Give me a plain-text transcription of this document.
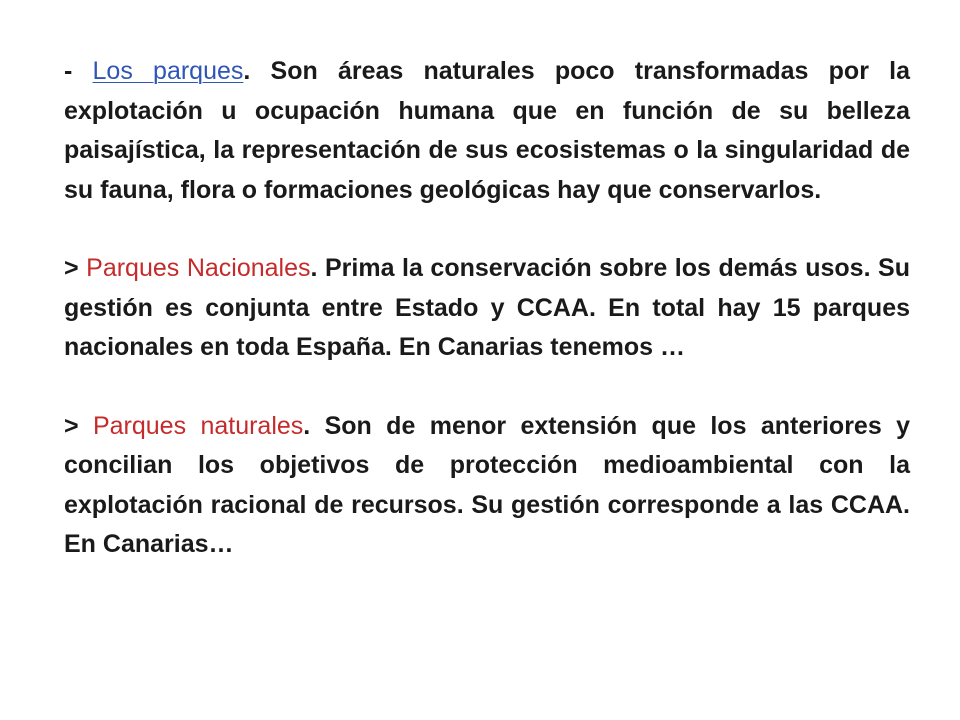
- Los parques. Son áreas naturales poco transformadas por la explotación u ocupación humana que en función de su belleza paisajística, la representación de sus ecosistemas o la singularidad de su fauna, flora o formaciones geológicas hay que conservarlos.

> Parques Nacionales. Prima la conservación sobre los demás usos. Su gestión es conjunta entre Estado y CCAA. En total hay 15 parques nacionales en toda España. En Canarias tenemos …

> Parques naturales. Son de menor extensión que los anteriores y concilian los objetivos de protección medioambiental con la explotación racional de recursos. Su gestión corresponde a las CCAA. En Canarias…
